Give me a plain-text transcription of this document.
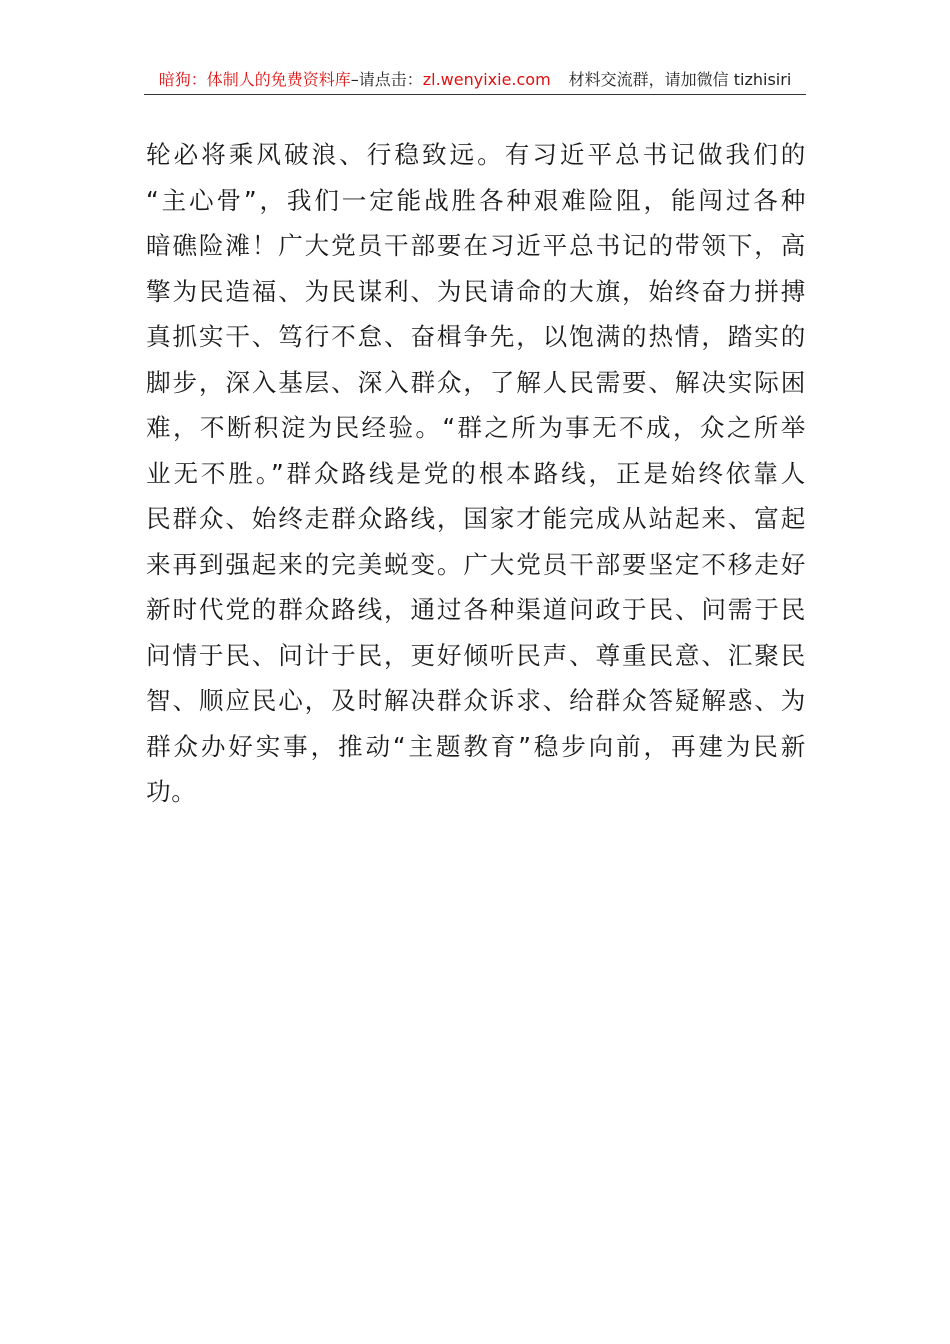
暗狗：体制人的免费资料库 –请点击： zl.wenyixie.com 材料交流群，请加微信 tizhisiri
轮必将乘风破浪、行稳致远。有习近平总书记做我们的
“主心骨”，我们一定能战胜各种艰难险阻，能闯过各种
暗礁险滩！广大党员干部要在习近平总书记的带领下，高
擎为民造福、为民谋利、为民请命的大旗，始终奋力拼搏
真抓实干、笃行不怠、奋楫争先，以饱满的热情，踏实的
脚步，深入基层、深入群众，了解人民需要、解决实际困
难，不断积淀为民经验。“群之所为事无不成，众之所举
业无不胜。”群众路线是党的根本路线，正是始终依靠人
民群众、始终走群众路线，国家才能完成从站起来、富起
来再到强起来的完美蜕变。广大党员干部要坚定不移走好
新时代党的群众路线，通过各种渠道问政于民、问需于民
问情于民、问计于民，更好倾听民声、尊重民意、汇聚民
智、顺应民心，及时解决群众诉求、给群众答疑解惑、为
群众办好实事，推动“主题教育”稳步向前，再建为民新
功。
